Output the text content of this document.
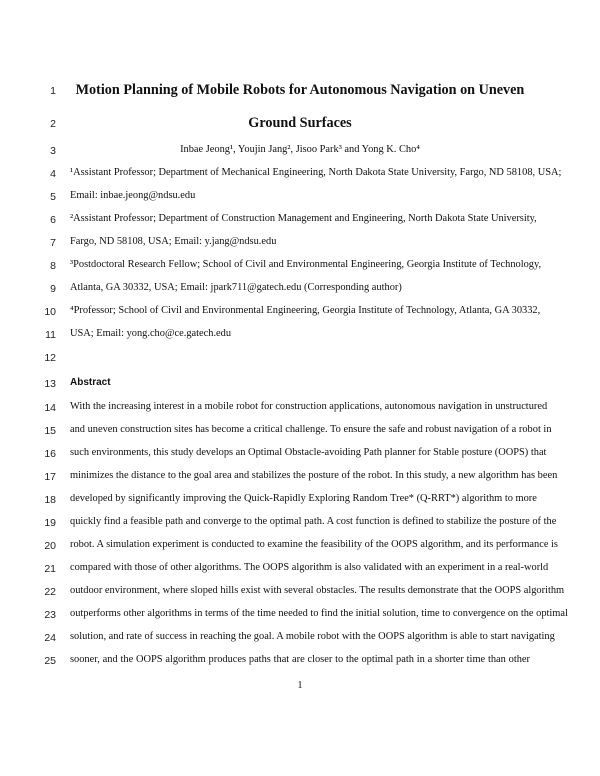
1	Motion Planning of Mobile Robots for Autonomous Navigation on Uneven
2	Ground Surfaces
3	Inbae Jeong¹, Youjin Jang², Jisoo Park³ and Yong K. Cho⁴
4 ¹Assistant Professor; Department of Mechanical Engineering, North Dakota State University, Fargo, ND 58108, USA;
5 Email: inbae.jeong@ndsu.edu
6 ²Assistant Professor; Department of Construction Management and Engineering, North Dakota State University,
7 Fargo, ND 58108, USA; Email: y.jang@ndsu.edu
8 ³Postdoctoral Research Fellow; School of Civil and Environmental Engineering, Georgia Institute of Technology,
9 Atlanta, GA 30332, USA; Email: jpark711@gatech.edu (Corresponding author)
10 ⁴Professor; School of Civil and Environmental Engineering, Georgia Institute of Technology, Atlanta, GA 30332,
11 USA; Email: yong.cho@ce.gatech.edu
12
13 Abstract
14 With the increasing interest in a mobile robot for construction applications, autonomous navigation in unstructured
15 and uneven construction sites has become a critical challenge. To ensure the safe and robust navigation of a robot in
16 such environments, this study develops an Optimal Obstacle-avoiding Path planner for Stable posture (OOPS) that
17 minimizes the distance to the goal area and stabilizes the posture of the robot. In this study, a new algorithm has been
18 developed by significantly improving the Quick-Rapidly Exploring Random Tree* (Q-RRT*) algorithm to more
19 quickly find a feasible path and converge to the optimal path. A cost function is defined to stabilize the posture of the
20 robot. A simulation experiment is conducted to examine the feasibility of the OOPS algorithm, and its performance is
21 compared with those of other algorithms. The OOPS algorithm is also validated with an experiment in a real-world
22 outdoor environment, where sloped hills exist with several obstacles. The results demonstrate that the OOPS algorithm
23 outperforms other algorithms in terms of the time needed to find the initial solution, time to convergence on the optimal
24 solution, and rate of success in reaching the goal. A mobile robot with the OOPS algorithm is able to start navigating
25 sooner, and the OOPS algorithm produces paths that are closer to the optimal path in a shorter time than other
1
